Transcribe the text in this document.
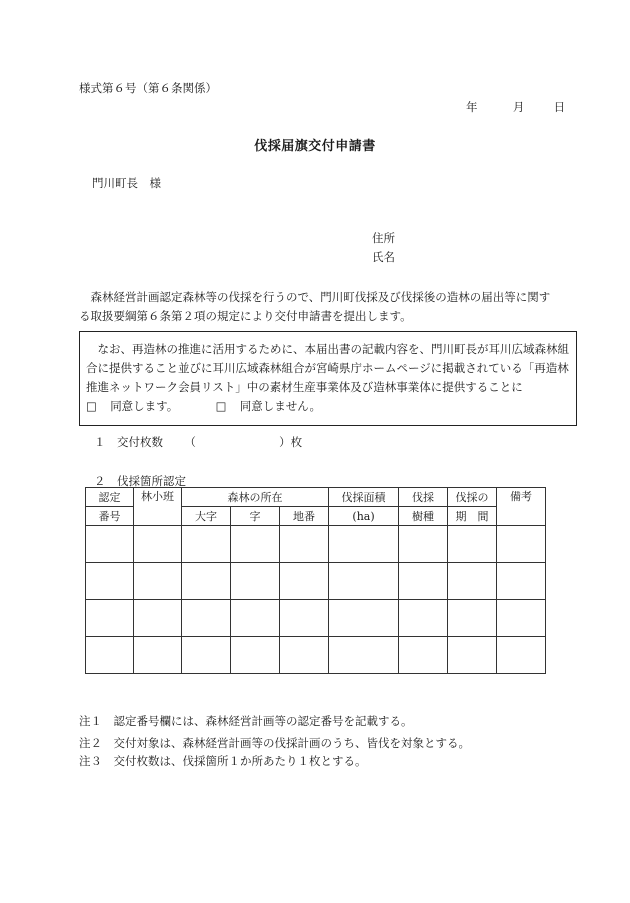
様式第６号（第６条関係）
年	月	日
伐採届旗交付申請書
門川町長　様
住所
氏名
　森林経営計画認定森林等の伐採を行うので、門川町伐採及び伐採後の造林の届出等に関する取扱要綱第６条第２項の規定により交付申請書を提出します。
　なお、再造林の推進に活用するために、本届出書の記載内容を、門川町長が耳川広域森林組合に提供すること並びに耳川広域森林組合が宮崎県庁ホームページに掲載されている「再造林推進ネットワーク会員リスト」中の素材生産事業体及び造林事業体に提供することに  □ 同意します。	□ 同意しません。
１　交付枚数 （	）枚
２　伐採箇所認定
認定	林小班	森林の所在			伐採面積	伐採	伐採の	備考
番号		大字	字	地番	(ha)	樹種	期　間	

注１　認定番号欄には、森林経営計画等の認定番号を記載する。
注２　交付対象は、森林経営計画等の伐採計画のうち、皆伐を対象とする。
注３　交付枚数は、伐採箇所１か所あたり１枚とする。
